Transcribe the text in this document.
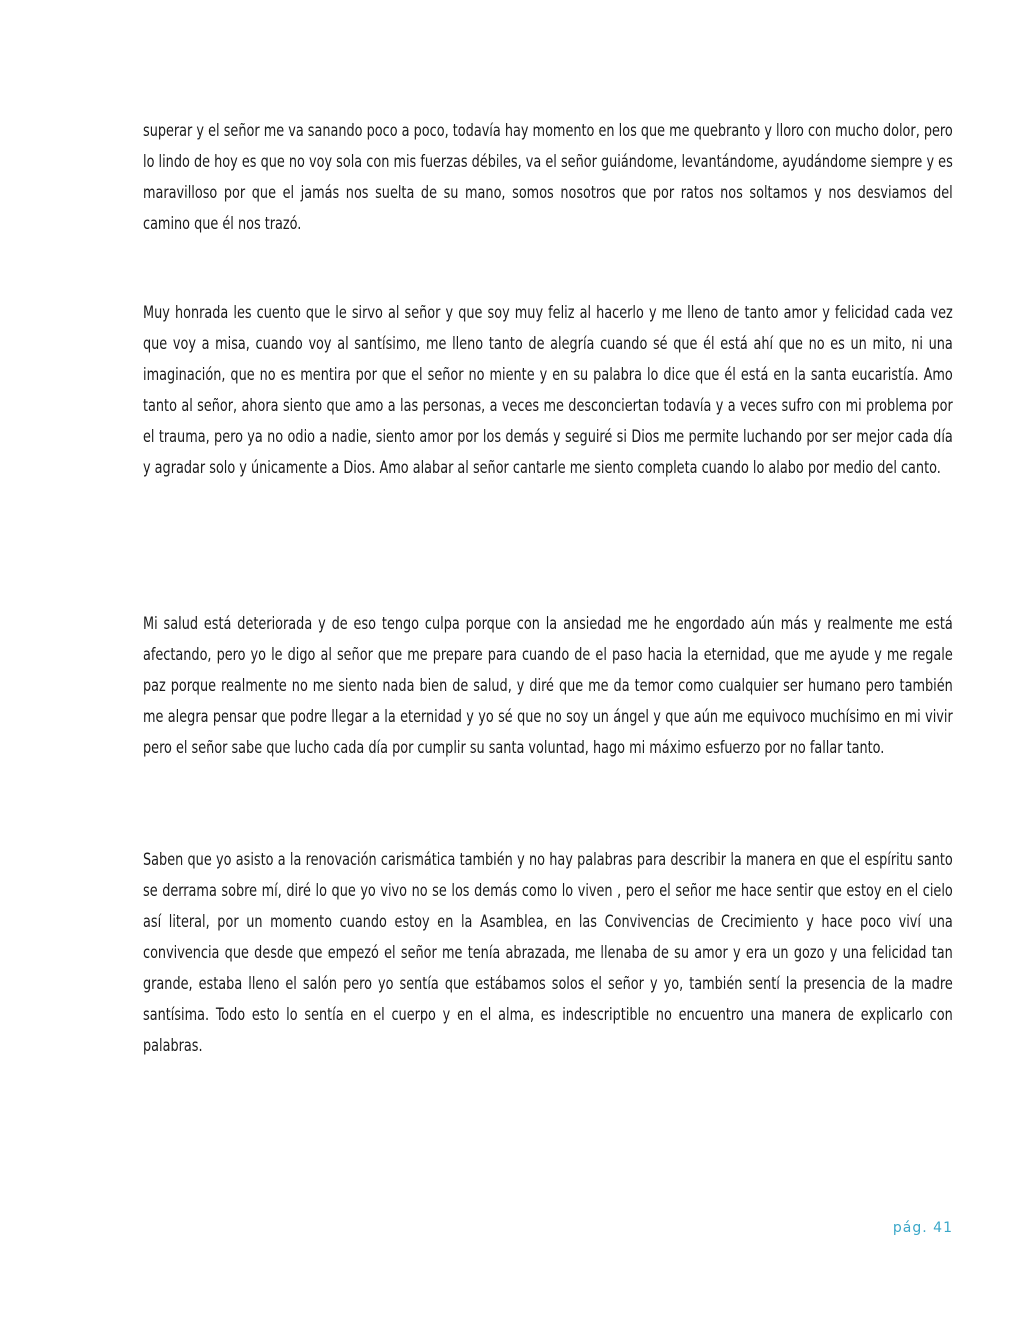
superar y el señor me va sanando poco a poco, todavía hay momento en los que me quebranto y lloro con mucho dolor, pero lo lindo de hoy es que no voy sola con mis fuerzas débiles, va el señor guiándome, levantándome, ayudándome siempre y es maravilloso por que el jamás nos suelta de su mano, somos nosotros que por ratos nos soltamos y nos desviamos del camino que él nos trazó.

Muy honrada les cuento que le sirvo al señor y que soy muy feliz al hacerlo y me lleno de tanto amor y felicidad cada vez que voy a misa, cuando voy al santísimo, me lleno tanto de alegría cuando sé que él está ahí que no es un mito, ni una imaginación, que no es mentira por que el señor no miente y en su palabra lo dice que él está en la santa eucaristía. Amo tanto al señor, ahora siento que amo a las personas, a veces me desconciertan todavía y a veces sufro con mi problema por el trauma, pero ya no odio a nadie, siento amor por los demás y seguiré si Dios me permite luchando por ser mejor cada día y agradar solo y únicamente a Dios. Amo alabar al señor cantarle me siento completa cuando lo alabo por medio del canto.

Mi salud está deteriorada y de eso tengo culpa porque con la ansiedad me he engordado aún más y realmente me está afectando, pero yo le digo al señor que me prepare para cuando de el paso hacia la eternidad, que me ayude y me regale paz porque realmente no me siento nada bien de salud, y diré que me da temor como cualquier ser humano pero también me alegra pensar que podre llegar a la eternidad y yo sé que no soy un ángel y que aún me equivoco muchísimo en mi vivir pero el señor sabe que lucho cada día por cumplir su santa voluntad, hago mi máximo esfuerzo por no fallar tanto.

Saben que yo asisto a la renovación carismática también y no hay palabras para describir la manera en que el espíritu santo se derrama sobre mí, diré lo que yo vivo no se los demás como lo viven , pero el señor me hace sentir que estoy en el cielo así literal, por un momento cuando estoy en la Asamblea, en las Convivencias de Crecimiento y hace poco viví una convivencia que desde que empezó el señor me tenía abrazada, me llenaba de su amor y era un gozo y una felicidad tan grande, estaba lleno el salón pero yo sentía que estábamos solos el señor y yo, también sentí la presencia de la madre santísima. Todo esto lo sentía en el cuerpo y en el alma, es indescriptible no encuentro una manera de explicarlo con palabras.

pág. 41
